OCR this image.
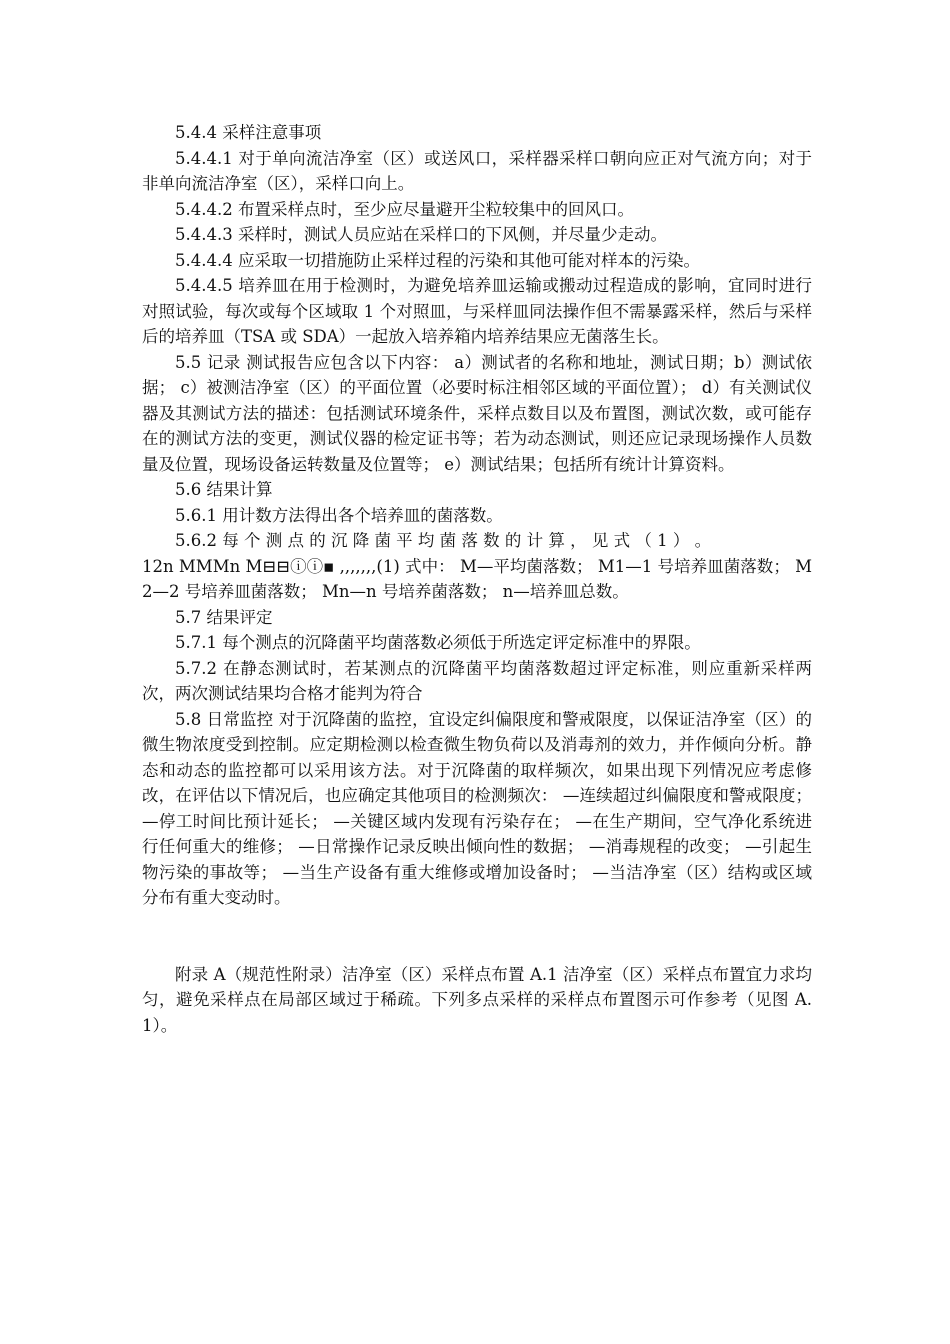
5.4.4 采样注意事项

5.4.4.1 对于单向流洁净室（区）或送风口，采样器采样口朝向应正对气流方向；对于非单向流洁净室（区），采样口向上。

5.4.4.2 布置采样点时，至少应尽量避开尘粒较集中的回风口。

5.4.4.3 采样时，测试人员应站在采样口的下风侧，并尽量少走动。

5.4.4.4 应采取一切措施防止采样过程的污染和其他可能对样本的污染。

5.4.4.5 培养皿在用于检测时，为避免培养皿运输或搬动过程造成的影响，宜同时进行对照试验，每次或每个区域取 1 个对照皿，与采样皿同法操作但不需暴露采样，然后与采样后的培养皿（TSA 或 SDA）一起放入培养箱内培养结果应无菌落生长。

5.5 记录 测试报告应包含以下内容： a）测试者的名称和地址，测试日期；b）测试依据； c）被测洁净室（区）的平面位置（必要时标注相邻区域的平面位置）； d）有关测试仪器及其测试方法的描述：包括测试环境条件，采样点数目以及布置图，测试次数，或可能存在的测试方法的变更，测试仪器的检定证书等；若为动态测试，则还应记录现场操作人员数量及位置，现场设备运转数量及位置等； e）测试结果；包括所有统计计算资料。

5.6 结果计算

5.6.1 用计数方法得出各个培养皿的菌落数。

5.6.2 每 个 测 点 的 沉 降 菌 平 均 菌 落 数 的 计 算 ， 见 式 （ 1 ） 。

12n MMMn M⊟⊟ⓘⓘ▪ ,,,,,,,(1) 式中： M—平均菌落数； M1—1 号培养皿菌落数； M2—2 号培养皿菌落数； Mn—n 号培养菌落数； n—培养皿总数。

5.7 结果评定

5.7.1 每个测点的沉降菌平均菌落数必须低于所选定评定标准中的界限。

5.7.2 在静态测试时，若某测点的沉降菌平均菌落数超过评定标准，则应重新采样两次，两次测试结果均合格才能判为符合

5.8 日常监控 对于沉降菌的监控，宜设定纠偏限度和警戒限度，以保证洁净室（区）的微生物浓度受到控制。应定期检测以检查微生物负荷以及消毒剂的效力，并作倾向分析。静态和动态的监控都可以采用该方法。对于沉降菌的取样频次，如果出现下列情况应考虑修改，在评估以下情况后，也应确定其他项目的检测频次： —连续超过纠偏限度和警戒限度； —停工时间比预计延长； —关键区域内发现有污染存在； —在生产期间，空气净化系统进行任何重大的维修； —日常操作记录反映出倾向性的数据； —消毒规程的改变； —引起生物污染的事故等； —当生产设备有重大维修或增加设备时； —当洁净室（区）结构或区域分布有重大变动时。

附录 A（规范性附录）洁净室（区）采样点布置 A.1 洁净室（区）采样点布置宜力求均匀，避免采样点在局部区域过于稀疏。下列多点采样的采样点布置图示可作参考（见图 A.1）。
